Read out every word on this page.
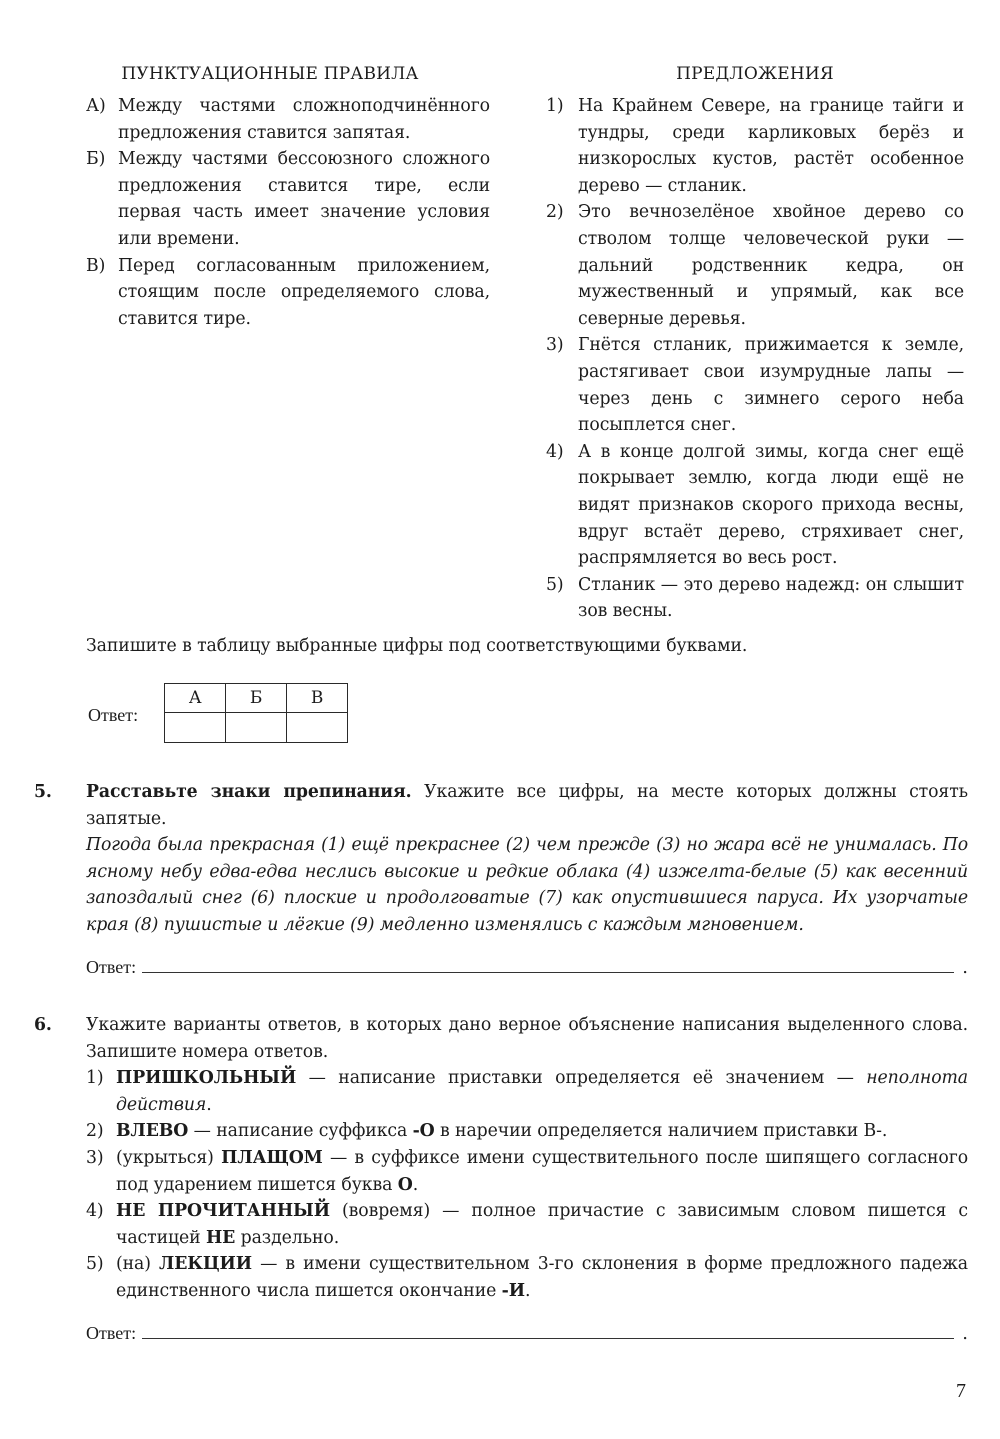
ПУНКТУАЦИОННЫЕ ПРАВИЛА
А) Между частями сложноподчинённого предложения ставится запятая.
Б) Между частями бессоюзного сложного предложения ставится тире, если первая часть имеет значение условия или времени.
В) Перед согласованным приложением, стоящим после определяемого слова, ставится тире.
ПРЕДЛОЖЕНИЯ
1) На Крайнем Севере, на границе тайги и тундры, среди карликовых берёз и низкорослых кустов, растёт особенное дерево — стланик.
2) Это вечнозелёное хвойное дерево со стволом толще человеческой руки — дальний родственник кедра, он мужественный и упрямый, как все северные деревья.
3) Гнётся стланик, прижимается к земле, растягивает свои изумрудные лапы — через день с зимнего серого неба посыплется снег.
4) А в конце долгой зимы, когда снег ещё покрывает землю, когда люди ещё не видят признаков скорого прихода весны, вдруг встаёт дерево, стряхивает снег, распрямляется во весь рост.
5) Стланик — это дерево надежд: он слышит зов весны.
Запишите в таблицу выбранные цифры под соответствующими буквами.
Ответ:
А	Б	В

5. Расставьте знаки препинания. Укажите все цифры, на месте которых должны стоять запятые.
Погода была прекрасная (1) ещё прекраснее (2) чем прежде (3) но жара всё не унималась. По ясному небу едва-едва неслись высокие и редкие облака (4) изжелта-белые (5) как весенний запоздалый снег (6) плоские и продолговатые (7) как опустившиеся паруса. Их узорчатые края (8) пушистые и лёгкие (9) медленно изменялись с каждым мгновением.
Ответ:	.
6. Укажите варианты ответов, в которых дано верное объяснение написания выделенного слова. Запишите номера ответов.
1) ПРИШКОЛЬНЫЙ — написание приставки определяется её значением — неполнота действия.
2) ВЛЕВО — написание суффикса -О в наречии определяется наличием приставки В-.
3) (укрыться) ПЛАЩОМ — в суффиксе имени существительного после шипящего согласного под ударением пишется буква О.
4) НЕ ПРОЧИТАННЫЙ (вовремя) — полное причастие с зависимым словом пишется с частицей НЕ раздельно.
5) (на) ЛЕКЦИИ — в имени существительном 3-го склонения в форме предложного падежа единственного числа пишется окончание -И.
Ответ:	.
7
